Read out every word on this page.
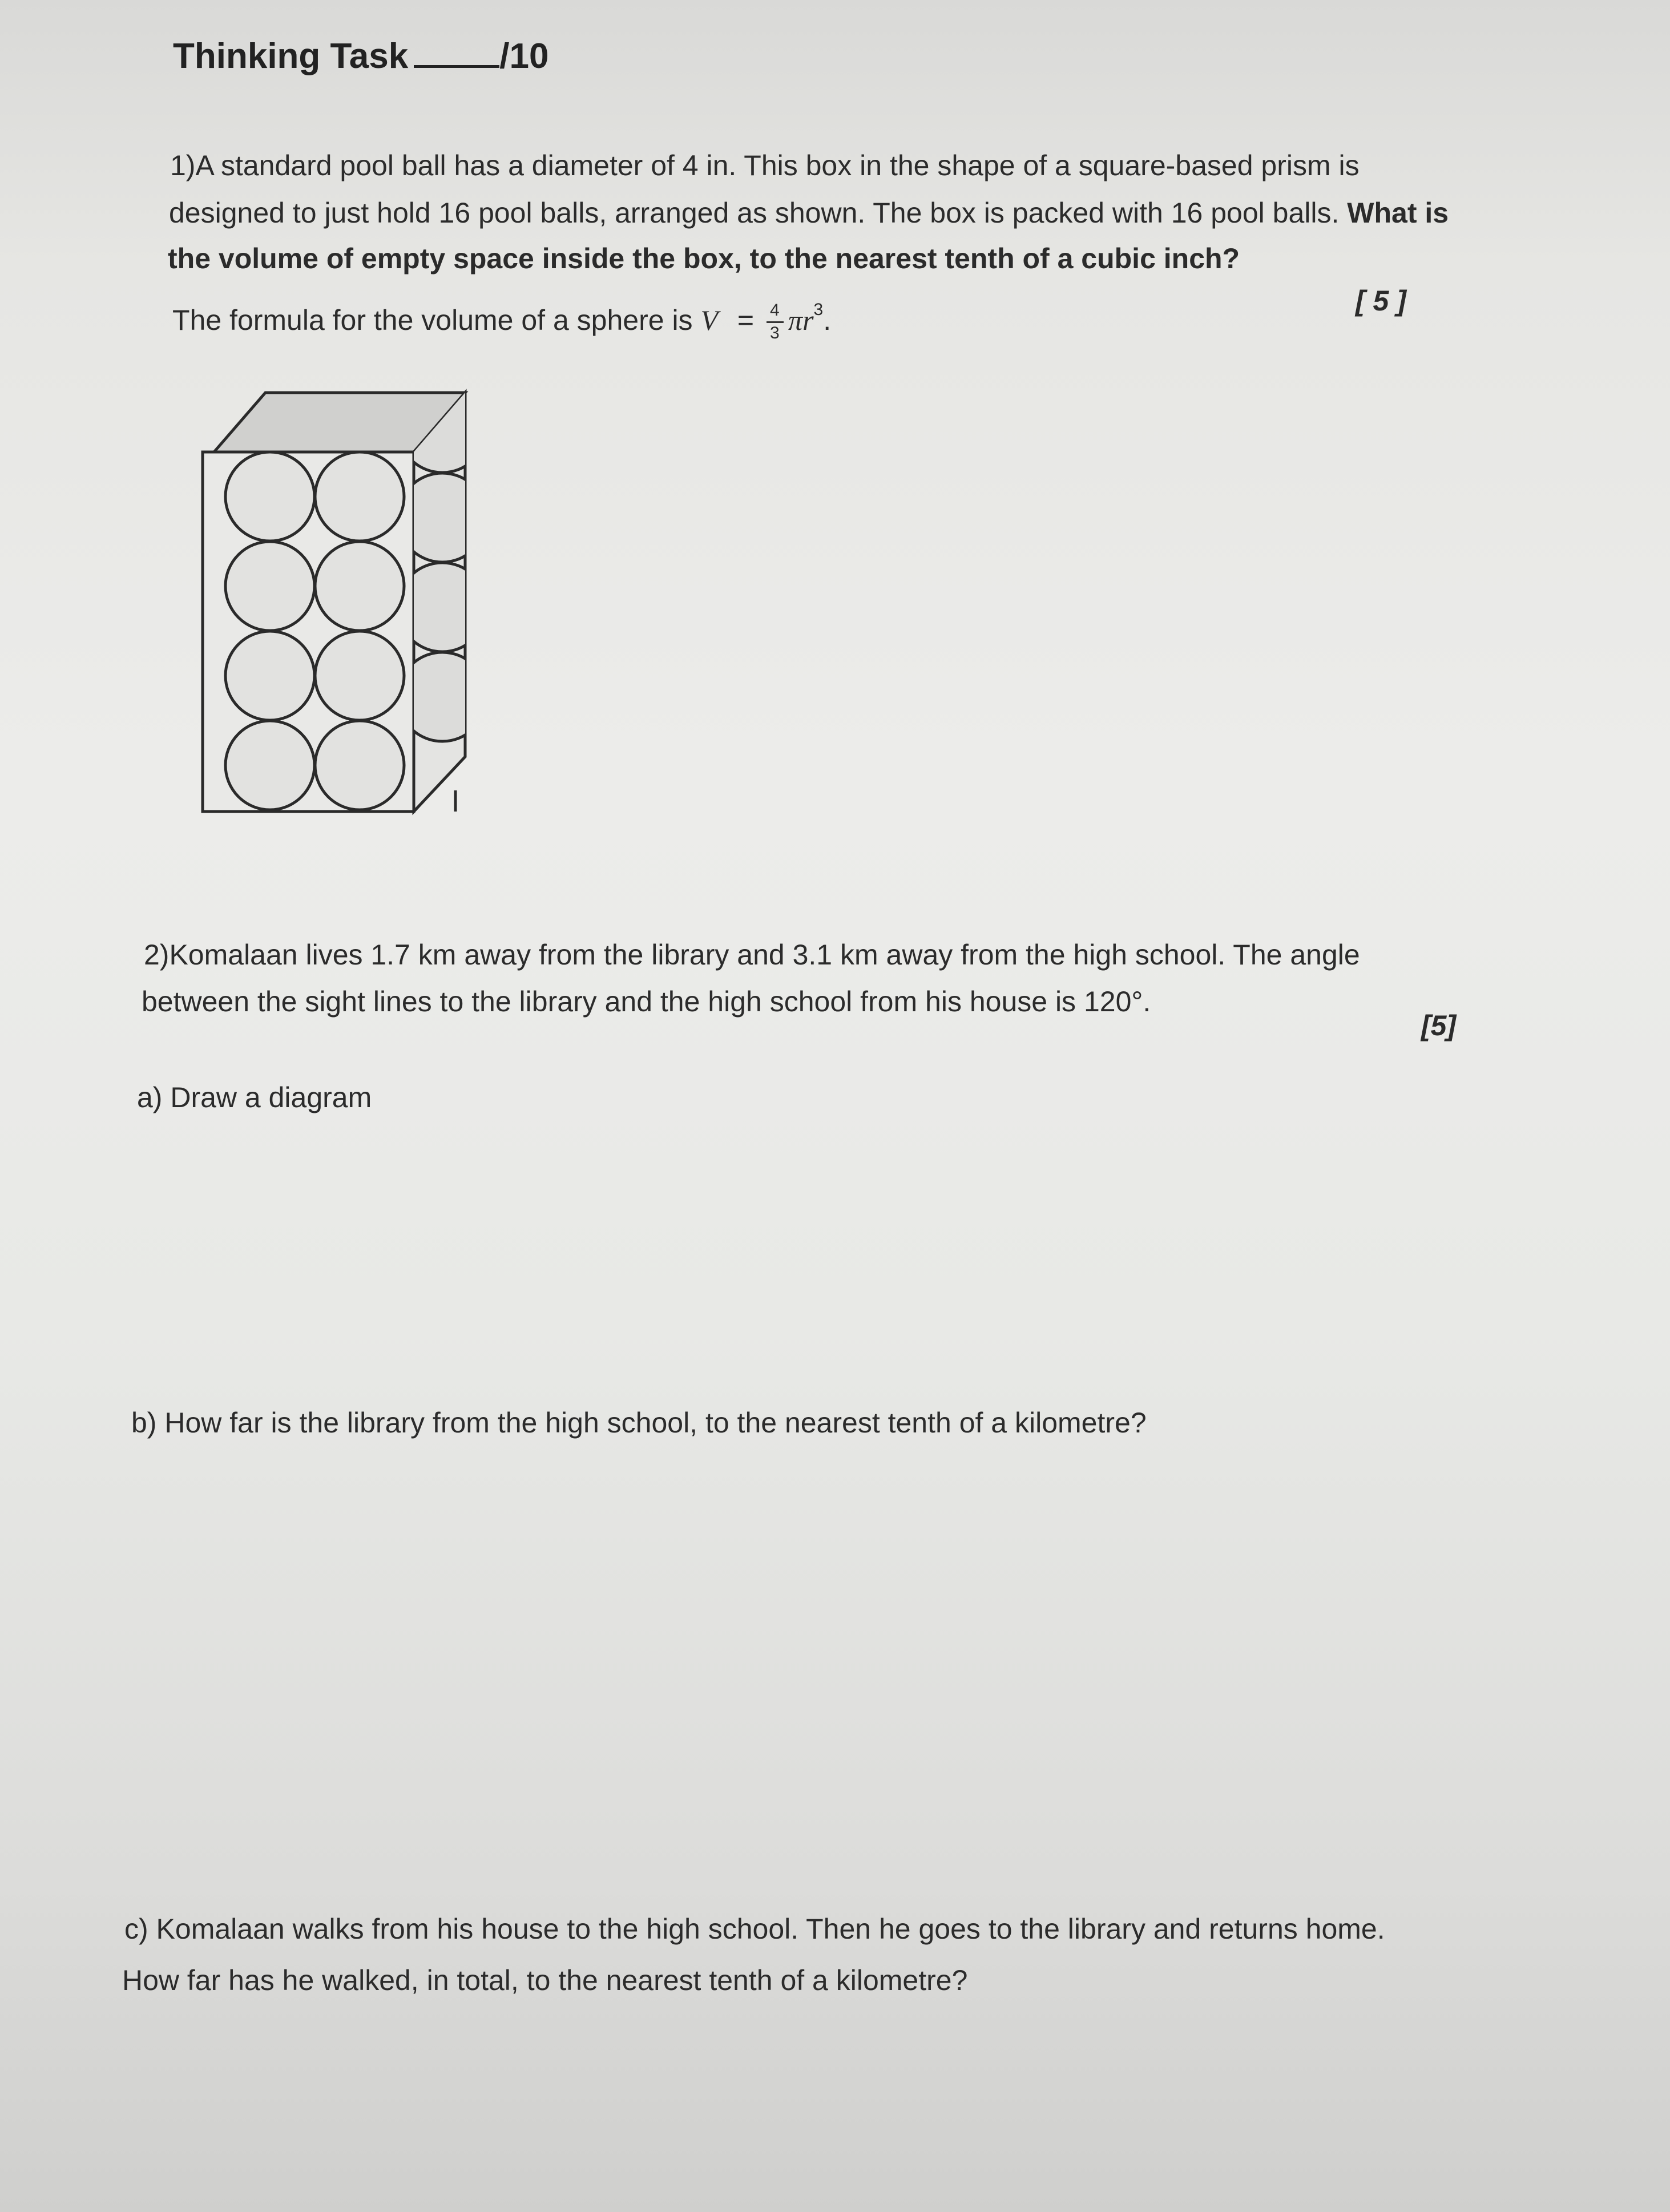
Thinking Task	/10
1)A standard pool ball has a diameter of 4 in. This box in the shape of a square-based prism is
designed to just hold 16 pool balls, arranged as shown. The box is packed with 16 pool balls. What is
the volume of empty space inside the box, to the nearest tenth of a cubic inch?
[ 5 ]
The formula for the volume of a sphere is $V = \frac{4}{3} \pi r^3$.
2)Komalaan lives 1.7 km away from the library and 3.1 km away from the high school. The angle
between the sight lines to the library and the high school from his house is 120°.
[5]
a) Draw a diagram
b) How far is the library from the high school, to the nearest tenth of a kilometre?
c) Komalaan walks from his house to the high school. Then he goes to the library and returns home.
How far has he walked, in total, to the nearest tenth of a kilometre?
